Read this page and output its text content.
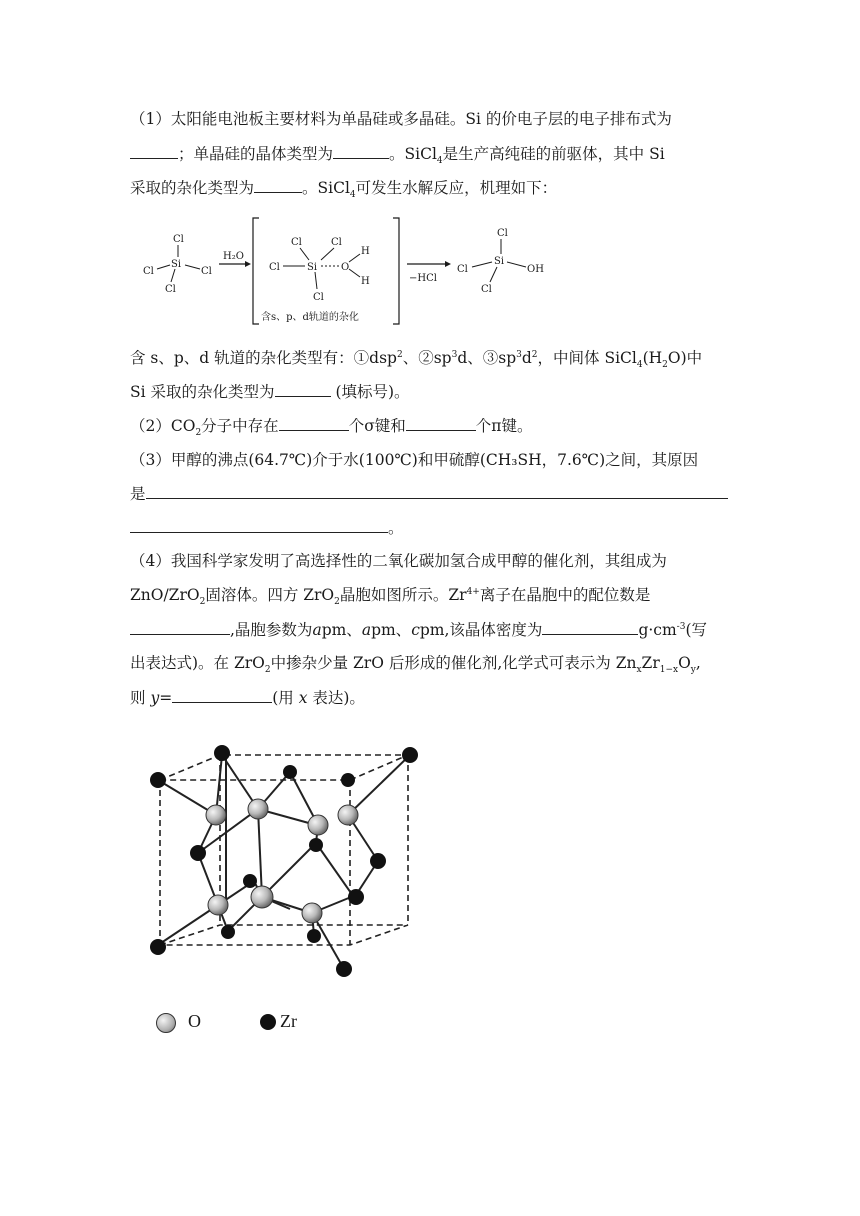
（1）太阳能电池板主要材料为单晶硅或多晶硅。Si 的价电子层的电子排布式为
；单晶硅的晶体类型为	。SiCl$_4$是生产高纯硅的前驱体，其中 Si
采取的杂化类型为	。SiCl$_4$可发生水解反应，机理如下：
Cl
Cl
Si
Cl
Cl
H₂O
Cl	Cl
Cl	Si O
H
H
Cl
含s、p、d轨道的杂化
−HCl
Cl
Cl
Si
OH
Cl
含 s、p、d 轨道的杂化类型有：①dsp$^2$、$②sp^3d$、$③sp^3d^2$，中间体 $SiCl_4(H_2O)$中
Si 采取的杂化类型为	(填标号)。
$(2)CO_2$分子中存在	个σ键和	个π键。
（3）甲醇的沸点(64.7℃)介于水(100℃)和甲硫醇(CH₃SH，7.6℃)之间，其原因
是
。
（4）我国科学家发明了高选择性的二氧化碳加氢合成甲醇的催化剂，其组成为
ZnO/ZrO$_2$固溶体。四方 ZrO$_2$晶胞如图所示。$Zr^{4+}$离子在晶胞中的配位数是
,晶胞参数为apm、apm、cpm,该晶体密度为	$g\cdot cm^{-3}$(写
出表达式)。在 ZrO$_2$中掺杂少量 ZrO 后形成的催化剂,化学式可表示为 $Zn_xZr_{1-x}O_y$,
则 y=	(用 x 表达)。
O	Zr
